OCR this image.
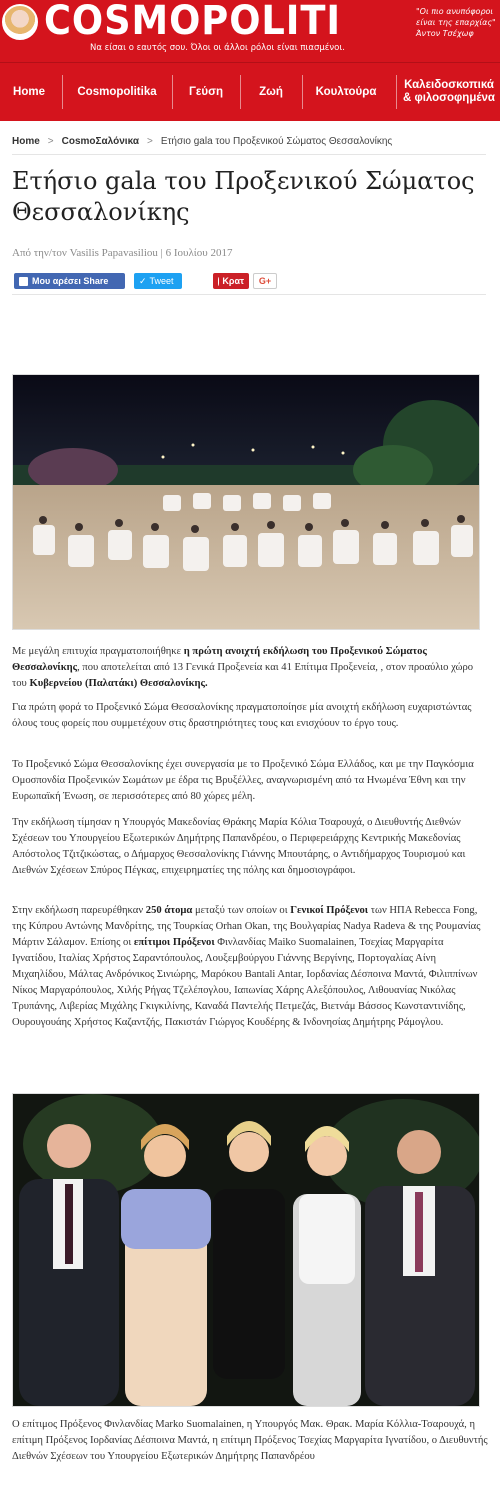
COSMOPOLITI
Να είσαι ο εαυτός σου. Όλοι οι άλλοι ρόλοι είναι πιασμένοι.
"Οι πιο ανυπόφοροι είναι της επαρχίας" Άντον Τσέχωφ
Home	Cosmopolitika	Γεύση	Ζωή	Κουλτούρα
Καλειδοσκοπικά & φιλοσοφημένα
Home > CosmoΣαλόνικα > Ετήσιο gala του Προξενικού Σώματος Θεσσαλονίκης
Ετήσιο gala του Προξενικού Σώματος Θεσσαλονίκης
Από την/τον Vasilis Papavasiliou | 6 Ιουλίου 2017
Μου αρέσει Share	✓ Tweet	Κρατ G+

Με μεγάλη επιτυχία πραγματοποιήθηκε η πρώτη ανοιχτή εκδήλωση του Προξενικού Σώματος Θεσσαλονίκης, που αποτελείται από 13 Γενικά Προξενεία και 41 Επίτιμα Προξενεία, , στον προαύλιο χώρο του Κυβερνείου (Παλατάκι) Θεσσαλονίκης.

Για πρώτη φορά το Προξενικό Σώμα Θεσσαλονίκης πραγματοποίησε μία ανοιχτή εκδήλωση ευχαριστώντας όλους τους φορείς που συμμετέχουν στις δραστηριότητες τους και ενισχύουν το έργο τους.

Το Προξενικό Σώμα Θεσσαλονίκης έχει συνεργασία με το Προξενικό Σώμα Ελλάδος, και με την Παγκόσμια Ομοσπονδία Προξενικών Σωμάτων με έδρα τις Βρυξέλλες, αναγνωρισμένη από τα Ηνωμένα Έθνη και την Ευρωπαϊκή Ένωση, σε περισσότερες από 80 χώρες μέλη.

Την εκδήλωση τίμησαν η Υπουργός Μακεδονίας Θράκης Μαρία Κόλια Τσαρουχά, ο Διευθυντής Διεθνών Σχέσεων του Υπουργείου Εξωτερικών Δημήτρης Παπανδρέου, ο Περιφερειάρχης Κεντρικής Μακεδονίας Απόστολος Τζιτζικώστας, ο Δήμαρχος Θεσσαλονίκης Γιάννης Μπουτάρης, ο Αντιδήμαρχος Τουρισμού και Διεθνών Σχέσεων Σπύρος Πέγκας, επιχειρηματίες της πόλης και δημοσιογράφοι.

Στην εκδήλωση παρευρέθηκαν 250 άτομα μεταξύ των οποίων οι Γενικοί Πρόξενοι των ΗΠΑ Rebecca Fong, της Κύπρου Αντώνης Μανδρίτης, της Τουρκίας Orhan Okan, της Βουλγαρίας Nadya Radeva & της Ρουμανίας Μάρτιν Σάλαμον. Επίσης οι επίτιμοι Πρόξενοι Φινλανδίας Maikο Suomalainen, Τσεχίας Μαργαρίτα Ιγνατίδου, Ιταλίας Χρήστος Σαραντόπουλος, Λουξεμβούργου Γιάννης Βεργίνης, Πορτογαλίας Αίνη Μιχαηλίδου, Μάλτας Ανδρόνικος Σινιώρης, Μαρόκου Bantali Antar, Ιορδανίας Δέσποινα Μαντά, Φιλιππίνων Νίκος Μαργαρόπουλος, Χιλής Ρήγας Τζελέπογλου, Ιαπωνίας Χάρης Αλεξόπουλος, Λιθουανίας Νικόλας Τρυπάνης, Λιβερίας Μιχάλης Γκιγκιλίνης, Καναδά Παντελής Πετμεζάς, Βιετνάμ Βάσσος Κωνσταντινίδης, Ουρουγουάης Χρήστος Καζαντζής, Πακιστάν Γιώργος Κουδέρης & Ινδονησίας Δημήτρης Ράμογλου.

Ο επίτιμος Πρόξενος Φινλανδίας Markο Suomalainen, η Υπουργός Μακ. Θρακ. Μαρία Κόλλια-Τσαρουχά, η επίτιμη Πρόξενος Ιορδανίας Δέσποινα Μαντά, η επίτιμη Πρόξενος Τσεχίας Μαργαρίτα Ιγνατίδου, ο Διευθυντής Διεθνών Σχέσεων του Υπουργείου Εξωτερικών Δημήτρης Παπανδρέου
